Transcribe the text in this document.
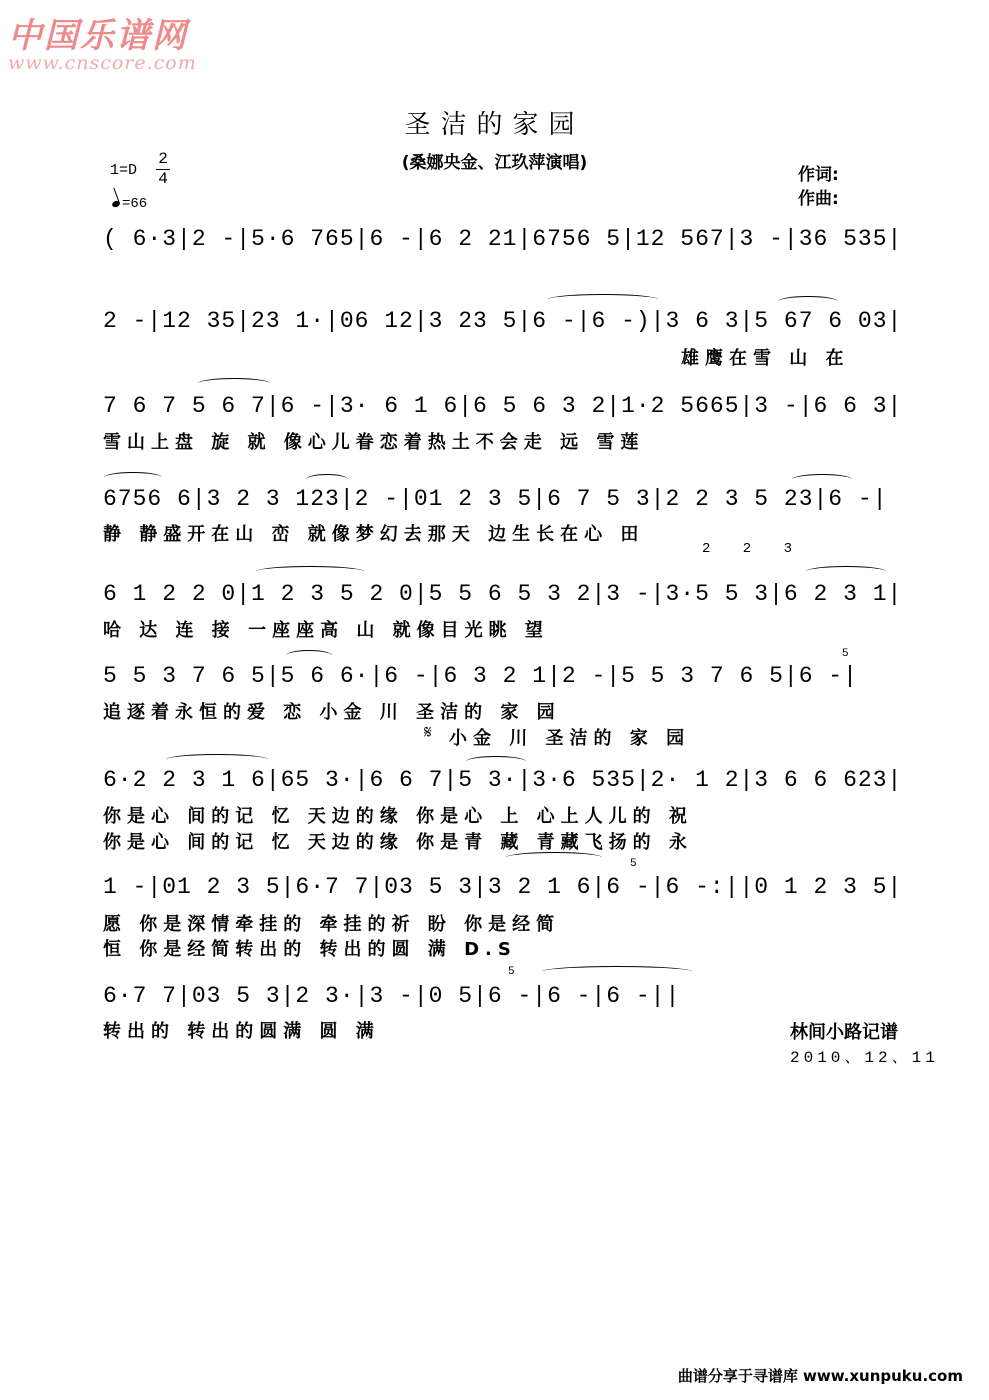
中国乐谱网
www.cnscore.com
圣洁的家园
(桑娜央金、江玖萍演唱)
作词:
作曲:
1=D
2
4
=66
( 6·3|2 -|5·6 765|6 -|6 2 21|6756 5|12 567|3 -|36 535|
2 -|12 35|23 1·|06 12|3 23 5|6 -|6 -)|3 6 3|5 67 6 03|
雄鹰在雪 山 在
7 6 7 5 6 7|6 -|3· 6 1 6|6 5 6 3 2|1·2 5665|3 -|6 6 3|
雪山上盘 旋 就 像心儿眷恋着热土不会走 远 雪莲
6756 6|3 2 3 123|2 -|01 2 3 5|6 7 5 3|2 2 3 5 23|6 -|
静 静盛开在山 峦 就像梦幻去那天 边生长在心 田
2 2 3
6 1 2 2 0|1 2 3 5 2 0|5 5 6 5 3 2|3 -|3·5 5 3|6 2 3 1|
哈 达 连 接 一座座高 山 就像目光眺 望
5 5 3 7 6 5|5 6 6·|6 -|6 3 2 1|2 -|5 5 3 7 6 5|6 -|
追逐着永恒的爱 恋 小金 川 圣洁的 家 园
𝄋 小金 川 圣洁的 家 园
5
6·2 2 3 1 6|65 3·|6 6 7|5 3·|3·6 535|2· 1 2|3 6 6 623|
你是心 间的记 忆 天边的缘 你是心 上 心上人儿的 祝
你是心 间的记 忆 天边的缘 你是青 藏 青藏飞扬的 永
1 -|01 2 3 5|6·7 7|03 5 3|3 2 1 6|6 -|6 -:||0 1 2 3 5|
愿 你是深情牵挂的 牵挂的祈 盼 你是经简
恒 你是经简转出的 转出的圆 满 D.S
5
6·7 7|03 5 3|2 3·|3 -|0 5|6 -|6 -|6 -||
转出的 转出的圆满 圆 满
5
林间小路记谱
2010、12、11
曲谱分享于寻谱库 www.xunpuku.com
